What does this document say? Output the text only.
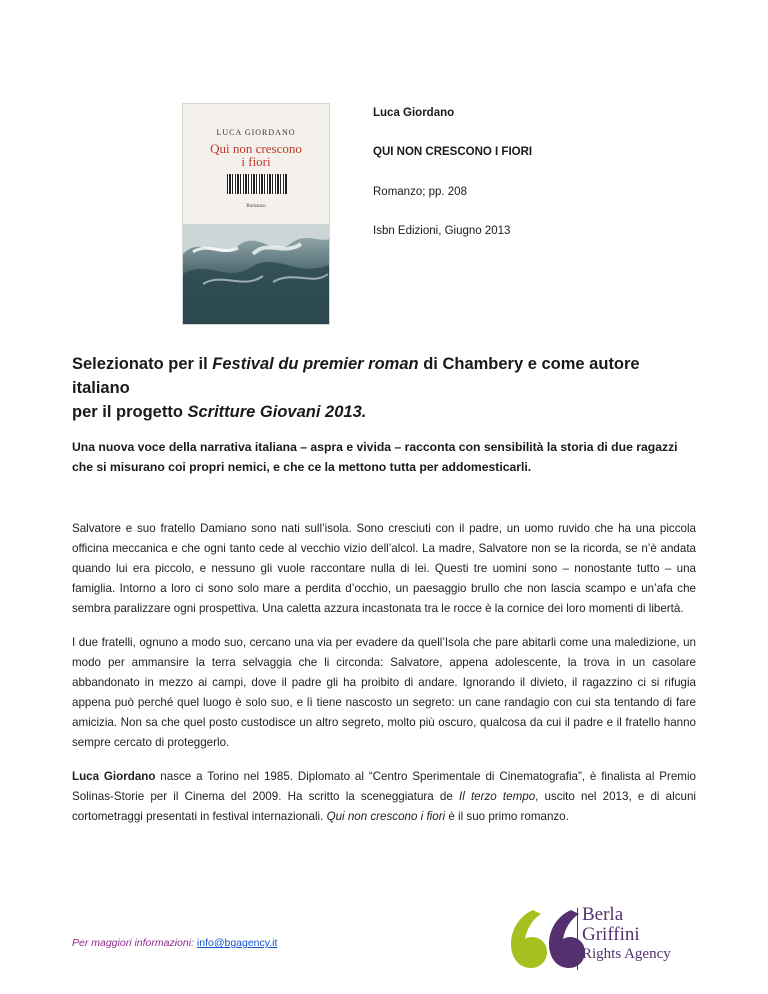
LUCA GIORDANO
Qui non crescono
i fiori
Romanzo
Luca Giordano
QUI NON CRESCONO I FIORI
Romanzo; pp. 208
Isbn Edizioni, Giugno 2013
Selezionato per il Festival du premier roman di Chambery e come autore italiano
per il progetto Scritture Giovani 2013.
Una nuova voce della narrativa italiana – aspra e vivida – racconta con sensibilità la storia di due ragazzi che si misurano coi propri nemici, e che ce la mettono tutta per addomesticarli.
Salvatore e suo fratello Damiano sono nati sull’isola. Sono cresciuti con il padre, un uomo ruvido che ha una piccola officina meccanica e che ogni tanto cede al vecchio vizio dell’alcol. La madre, Salvatore non se la ricorda, se n’è andata quando lui era piccolo, e nessuno gli vuole raccontare nulla di lei. Questi tre uomini sono – nonostante tutto – una famiglia. Intorno a loro ci sono solo mare a perdita d’occhio, un paesaggio brullo che non lascia scampo e un’afa che sembra paralizzare ogni prospettiva. Una caletta azzura incastonata tra le rocce è la cornice dei loro momenti di libertà.
I due fratelli, ognuno a modo suo, cercano una via per evadere da quell’Isola che pare abitarli come una maledizione, un modo per ammansire la terra selvaggia che li circonda: Salvatore, appena adolescente, la trova in un casolare abbandonato in mezzo ai campi, dove il padre gli ha proibito di andare. Ignorando il divieto, il ragazzino ci si rifugia appena può perché quel luogo è solo suo, e lì tiene nascosto un segreto: un cane randagio con cui sta tentando di fare amicizia. Non sa che quel posto custodisce un altro segreto, molto più oscuro, qualcosa da cui il padre e il fratello hanno sempre cercato di proteggerlo.
Luca Giordano nasce a Torino nel 1985. Diplomato al “Centro Sperimentale di Cinematografia”, è finalista al Premio Solinas-Storie per il Cinema del 2009. Ha scritto la sceneggiatura de Il terzo tempo, uscito nel 2013, e di alcuni cortometraggi presentati in festival internazionali. Qui non crescono i fiori è il suo primo romanzo.
Per maggiori informazioni: info@bgagency.it
Berla
Griffini
Rights Agency
